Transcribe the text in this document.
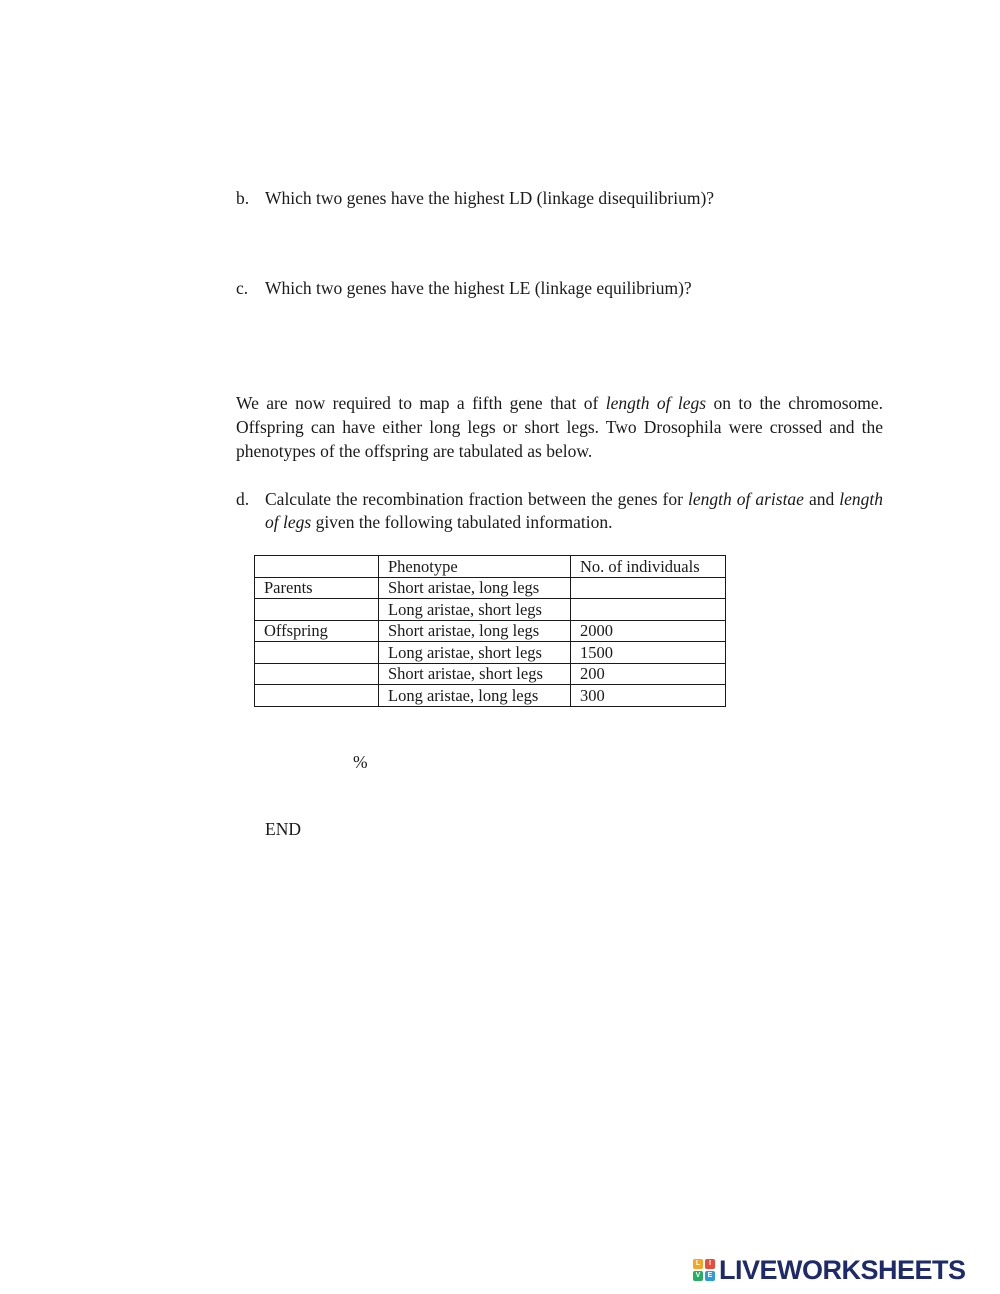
b. Which two genes have the highest LD (linkage disequilibrium)?
c. Which two genes have the highest LE (linkage equilibrium)?
We are now required to map a fifth gene that of length of legs on to the chromosome. Offspring can have either long legs or short legs. Two Drosophila were crossed and the phenotypes of the offspring are tabulated as below.
d. Calculate the recombination fraction between the genes for length of aristae and length of legs given the following tabulated information.
	Phenotype	No. of individuals
Parents	Short aristae, long legs	
	Long aristae, short legs	
Offspring	Short aristae, long legs	2000
	Long aristae, short legs	1500
	Short aristae, short legs	200
	Long aristae, long legs	300
%
END
L	I
V	E LIVEWORKSHEETS
